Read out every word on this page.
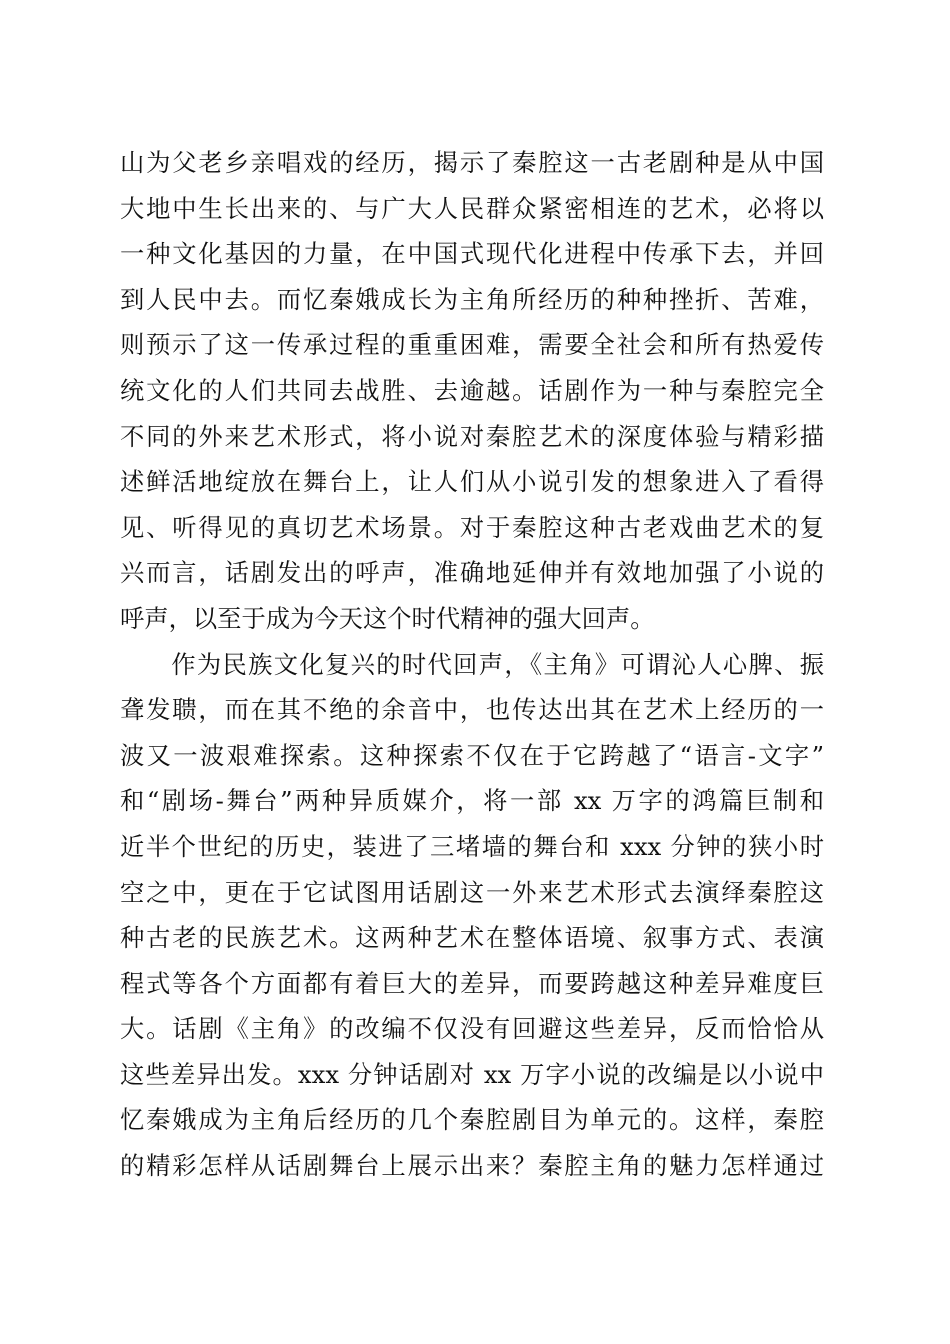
山为父老乡亲唱戏的经历，揭示了秦腔这一古老剧种是从中国
大地中生长出来的、与广大人民群众紧密相连的艺术，必将以
一种文化基因的力量，在中国式现代化进程中传承下去，并回
到人民中去。而忆秦娥成长为主角所经历的种种挫折、苦难，
则预示了这一传承过程的重重困难，需要全社会和所有热爱传
统文化的人们共同去战胜、去逾越。话剧作为一种与秦腔完全
不同的外来艺术形式，将小说对秦腔艺术的深度体验与精彩描
述鲜活地绽放在舞台上，让人们从小说引发的想象进入了看得
见、听得见的真切艺术场景。对于秦腔这种古老戏曲艺术的复
兴而言，话剧发出的呼声，准确地延伸并有效地加强了小说的
呼声，以至于成为今天这个时代精神的强大回声。
　　作为民族文化复兴的时代回声，《主角》可谓沁人心脾、振
聋发聩，而在其不绝的余音中，也传达出其在艺术上经历的一
波又一波艰难探索。这种探索不仅在于它跨越了“语言-文字”
和“剧场-舞台”两种异质媒介，将一部 xx 万字的鸿篇巨制和
近半个世纪的历史，装进了三堵墙的舞台和 xxx 分钟的狭小时
空之中，更在于它试图用话剧这一外来艺术形式去演绎秦腔这
种古老的民族艺术。这两种艺术在整体语境、叙事方式、表演
程式等各个方面都有着巨大的差异，而要跨越这种差异难度巨
大。话剧《主角》的改编不仅没有回避这些差异，反而恰恰从
这些差异出发。xxx 分钟话剧对 xx 万字小说的改编是以小说中
忆秦娥成为主角后经历的几个秦腔剧目为单元的。这样，秦腔
的精彩怎样从话剧舞台上展示出来？秦腔主角的魅力怎样通过
